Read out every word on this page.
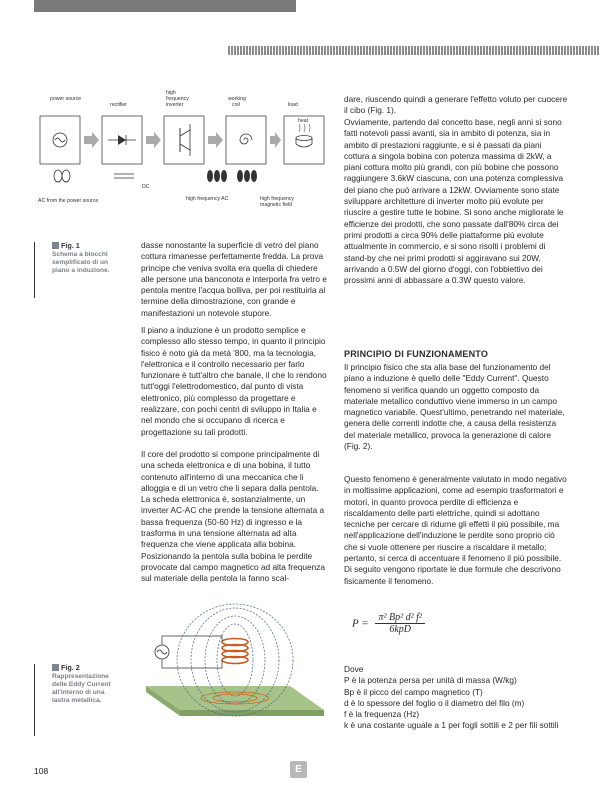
power source
rectifier
high
frequency
inverter
working
coil	load
heat
DC
AC from the power source	high frequency AC	high frequency
magnetic field
Fig. 1
Schema a blocchi semplificato di un piano a induzione.
Fig. 2
Rappresentazione delle Eddy Current all'interno di una lastra metallica.

dasse nonostante la superficie di vetro del piano cottura rimanesse perfettamente fredda. La prova principe che veniva svolta era quella di chiedere alle persone una banconota e interporla fra vetro e pentola mentre l'acqua bolliva, per poi restituirla al termine della dimostrazione, con grande e manifestazioni un notevole stupore.

Il piano a induzione è un prodotto semplice e complesso allo stesso tempo, in quanto il principio fisico è noto già da metà '800, ma la tecnologia, l'elettronica e il controllo necessario per farlo funzionare è tutt'altro che banale, il che lo rendono tutt'oggi l'elettrodomestico, dal punto di vista elettronico, più complesso da progettare e realizzare, con pochi centri di sviluppo in Italia e nel mondo che si occupano di ricerca e progettazione su tali prodotti.

Il core del prodotto si compone principalmente di una scheda elettronica e di una bobina, il tutto contenuto all'interno di una meccanica che li alloggia e di un vetro che li separa dalla pentola. La scheda elettronica è, sostanzialmente, un inverter AC-AC che prende la tensione alternata a bassa frequenza (50-60 Hz) di ingresso e la trasforma in una tensione alternata ad alta frequenza che viene applicata alla bobina. Posizionando la pentola sulla bobina le perdite provocate dal campo magnetico ad alta frequenza sul materiale della pentola la fanno scal-

dare, riuscendo quindi a generare l'effetto voluto per cuocere il cibo (Fig. 1).

Ovviamente, partendo dal concetto base, negli anni si sono fatti notevoli passi avanti, sia in ambito di potenza, sia in ambito di prestazioni raggiunte, e si è passati da piani cottura a singola bobina con potenza massima di 2kW, a piani cottura molto più grandi, con più bobine che possono raggiungere 3.6kW ciascuna, con una potenza complessiva del piano che può arrivare a 12kW. Ovviamente sono state sviluppare architetture di inverter molto più evolute per riuscire a gestire tutte le bobine. Si sono anche migliorate le efficienze dei prodotti, che sono passate dall'80% circa dei primi prodotti a circa 90% delle piattaforme più evolute attualmente in commercio, e si sono risolti i problemi di stand-by che nei primi prodotti si aggiravano sui 20W, arrivando a 0.5W del giorno d'oggi, con l'obbiettivo dei prossimi anni di abbassare a 0.3W questo valore.

PRINCIPIO DI FUNZIONAMENTO

Il principio fisico che sta alla base del funzionamento del piano a induzione è quello delle "Eddy Current". Questo fenomeno si verifica quando un oggetto composto da materiale metallico conduttivo viene immerso in un campo magnetico variabile. Quest'ultimo, penetrando nel materiale, genera delle correnti indotte che, a causa della resistenza del materiale metallico, provoca la generazione di calore (Fig. 2).

Questo fenomeno è generalmente valutato in modo negativo in moltissime applicazioni, come ad esempio trasformatori e motori, in quanto provoca perdite di efficienza e riscaldamento delle parti elettriche, quindi si adottano tecniche per cercare di ridurne gli effetti il più possibile, ma nell'applicazione dell'induzione le perdite sono proprio ciò che si vuole ottenere per riuscire a riscaldare il metallo; pertanto, si cerca di accentuare il fenomeno il più possibile. Di seguito vengono riportate le due formule che descrivono fisicamente il fenomeno.

P = π² Bp² d² f²
6kpD
Dove
P è la potenza persa per unità di massa (W/kg)
Bp è il picco del campo magnetico (T)
d è lo spessore del foglio o il diametro del filo (m)
f è la frequenza (Hz)
k è una costante uguale a 1 per fogli sottili e 2 per fili sottili
108	E
